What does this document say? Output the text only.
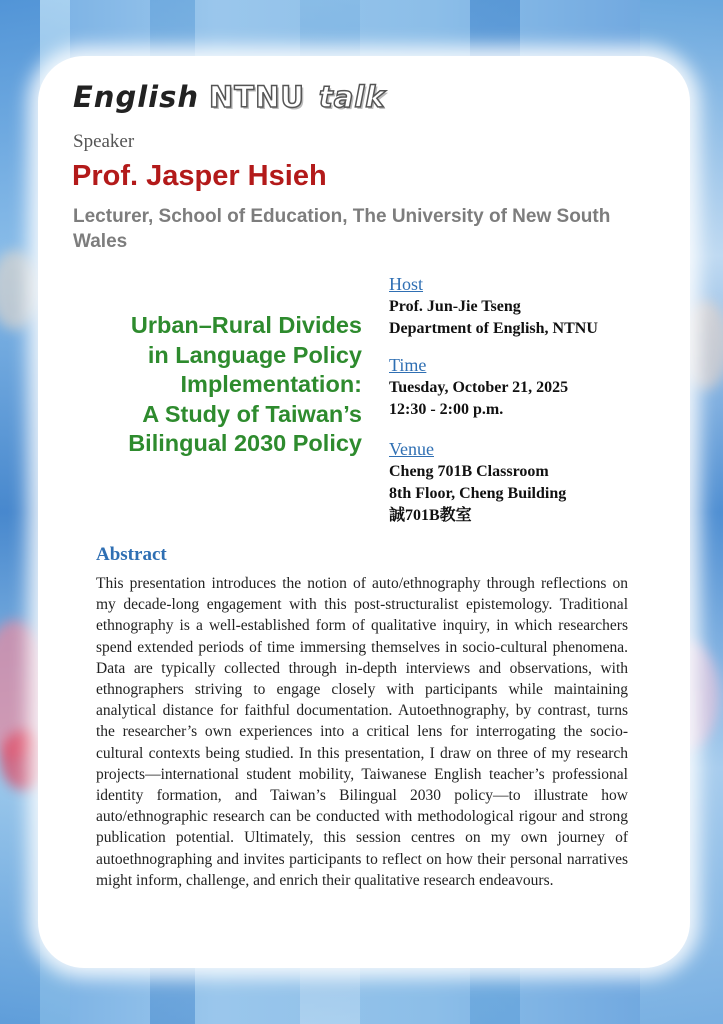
English NTNU talk
Speaker
Prof. Jasper Hsieh
Lecturer, School of Education, The University of New South Wales
Urban–Rural Divides
in Language Policy
Implementation:
A Study of Taiwan’s
Bilingual 2030 Policy
Host
Prof. Jun-Jie Tseng
Department of English, NTNU
Time
Tuesday, October 21, 2025
12:30 - 2:00 p.m.
Venue
Cheng 701B Classroom
8th Floor, Cheng Building
誠701B教室
Abstract
This presentation introduces the notion of auto/ethnography through reflections on my decade-long engagement with this post-structuralist epistemology. Traditional ethnography is a well-established form of qualitative inquiry, in which researchers spend extended periods of time immersing themselves in socio-cultural phenomena. Data are typically collected through in-depth interviews and observations, with ethnographers striving to engage closely with participants while maintaining analytical distance for faithful documentation. Autoethnography, by contrast, turns the researcher’s own experiences into a critical lens for interrogating the socio-cultural contexts being studied. In this presentation, I draw on three of my research projects—international student mobility, Taiwanese English teacher’s professional identity formation, and Taiwan’s Bilingual 2030 policy—to illustrate how auto/ethnographic research can be conducted with methodological rigour and strong publication potential. Ultimately, this session centres on my own journey of autoethnographing and invites participants to reflect on how their personal narratives might inform, challenge, and enrich their qualitative research endeavours.
